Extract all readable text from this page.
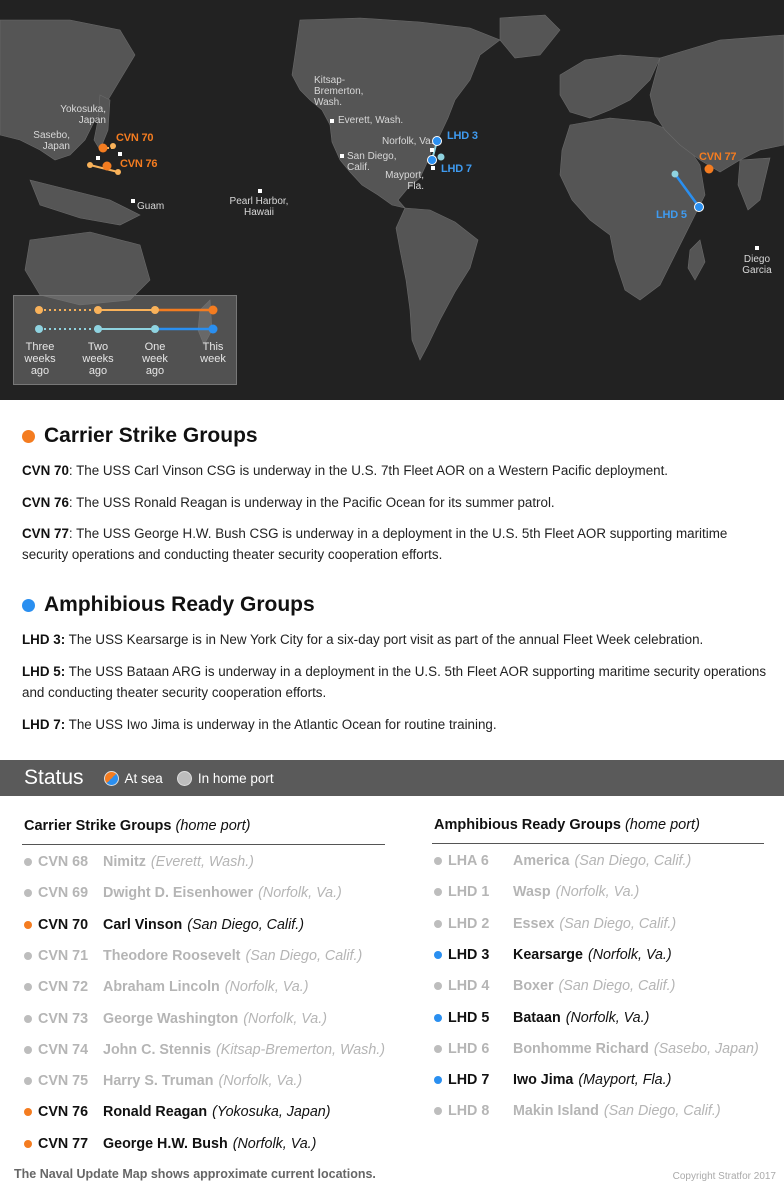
Kitsap-
Bremerton,
Wash.
Everett, Wash.
Yokosuka,
Japan
Sasebo,
Japan	Norfolk, Va.
San Diego,
Calif.
Mayport,
Fla.
Guam	Pearl Harbor,
Hawaii
Diego
Garcia
CVN 70
CVN 76
CVN 77
LHD 3
LHD 7
LHD 5
Three
weeks
ago
Two
weeks
ago
One
week
ago
This
week
Carrier Strike Groups
CVN 70: The USS Carl Vinson CSG is underway in the U.S. 7th Fleet AOR on a Western Pacific deployment.
CVN 76: The USS Ronald Reagan is underway in the Pacific Ocean for its summer patrol.
CVN 77: The USS George H.W. Bush CSG is underway in a deployment in the U.S. 5th Fleet AOR supporting maritime security operations and conducting theater security cooperation efforts.
Amphibious Ready Groups
LHD 3: The USS Kearsarge is in New York City for a six-day port visit as part of the annual Fleet Week celebration.
LHD 5: The USS Bataan ARG is underway in a deployment in the U.S. 5th Fleet AOR supporting maritime security operations and conducting theater security cooperation efforts.
LHD 7: The USS Iwo Jima is underway in the Atlantic Ocean for routine training.
Status	At sea	In home port
Carrier Strike Groups (home port)	Amphibious Ready Groups (home port)
CVN 68	Nimitz (Everett, Wash.)
CVN 69	Dwight D. Eisenhower (Norfolk, Va.)
CVN 70	Carl Vinson (San Diego, Calif.)
CVN 71	Theodore Roosevelt (San Diego, Calif.)
CVN 72	Abraham Lincoln (Norfolk, Va.)
CVN 73	George Washington (Norfolk, Va.)
CVN 74	John C. Stennis (Kitsap-Bremerton, Wash.)
CVN 75	Harry S. Truman (Norfolk, Va.)
CVN 76	Ronald Reagan (Yokosuka, Japan)
CVN 77	George H.W. Bush (Norfolk, Va.)
LHA 6	America (San Diego, Calif.)
LHD 1	Wasp (Norfolk, Va.)
LHD 2	Essex (San Diego, Calif.)
LHD 3	Kearsarge (Norfolk, Va.)
LHD 4	Boxer (San Diego, Calif.)
LHD 5	Bataan (Norfolk, Va.)
LHD 6	Bonhomme Richard (Sasebo, Japan)
LHD 7	Iwo Jima (Mayport, Fla.)
LHD 8	Makin Island (San Diego, Calif.)
The Naval Update Map shows approximate current locations.	Copyright Stratfor 2017
